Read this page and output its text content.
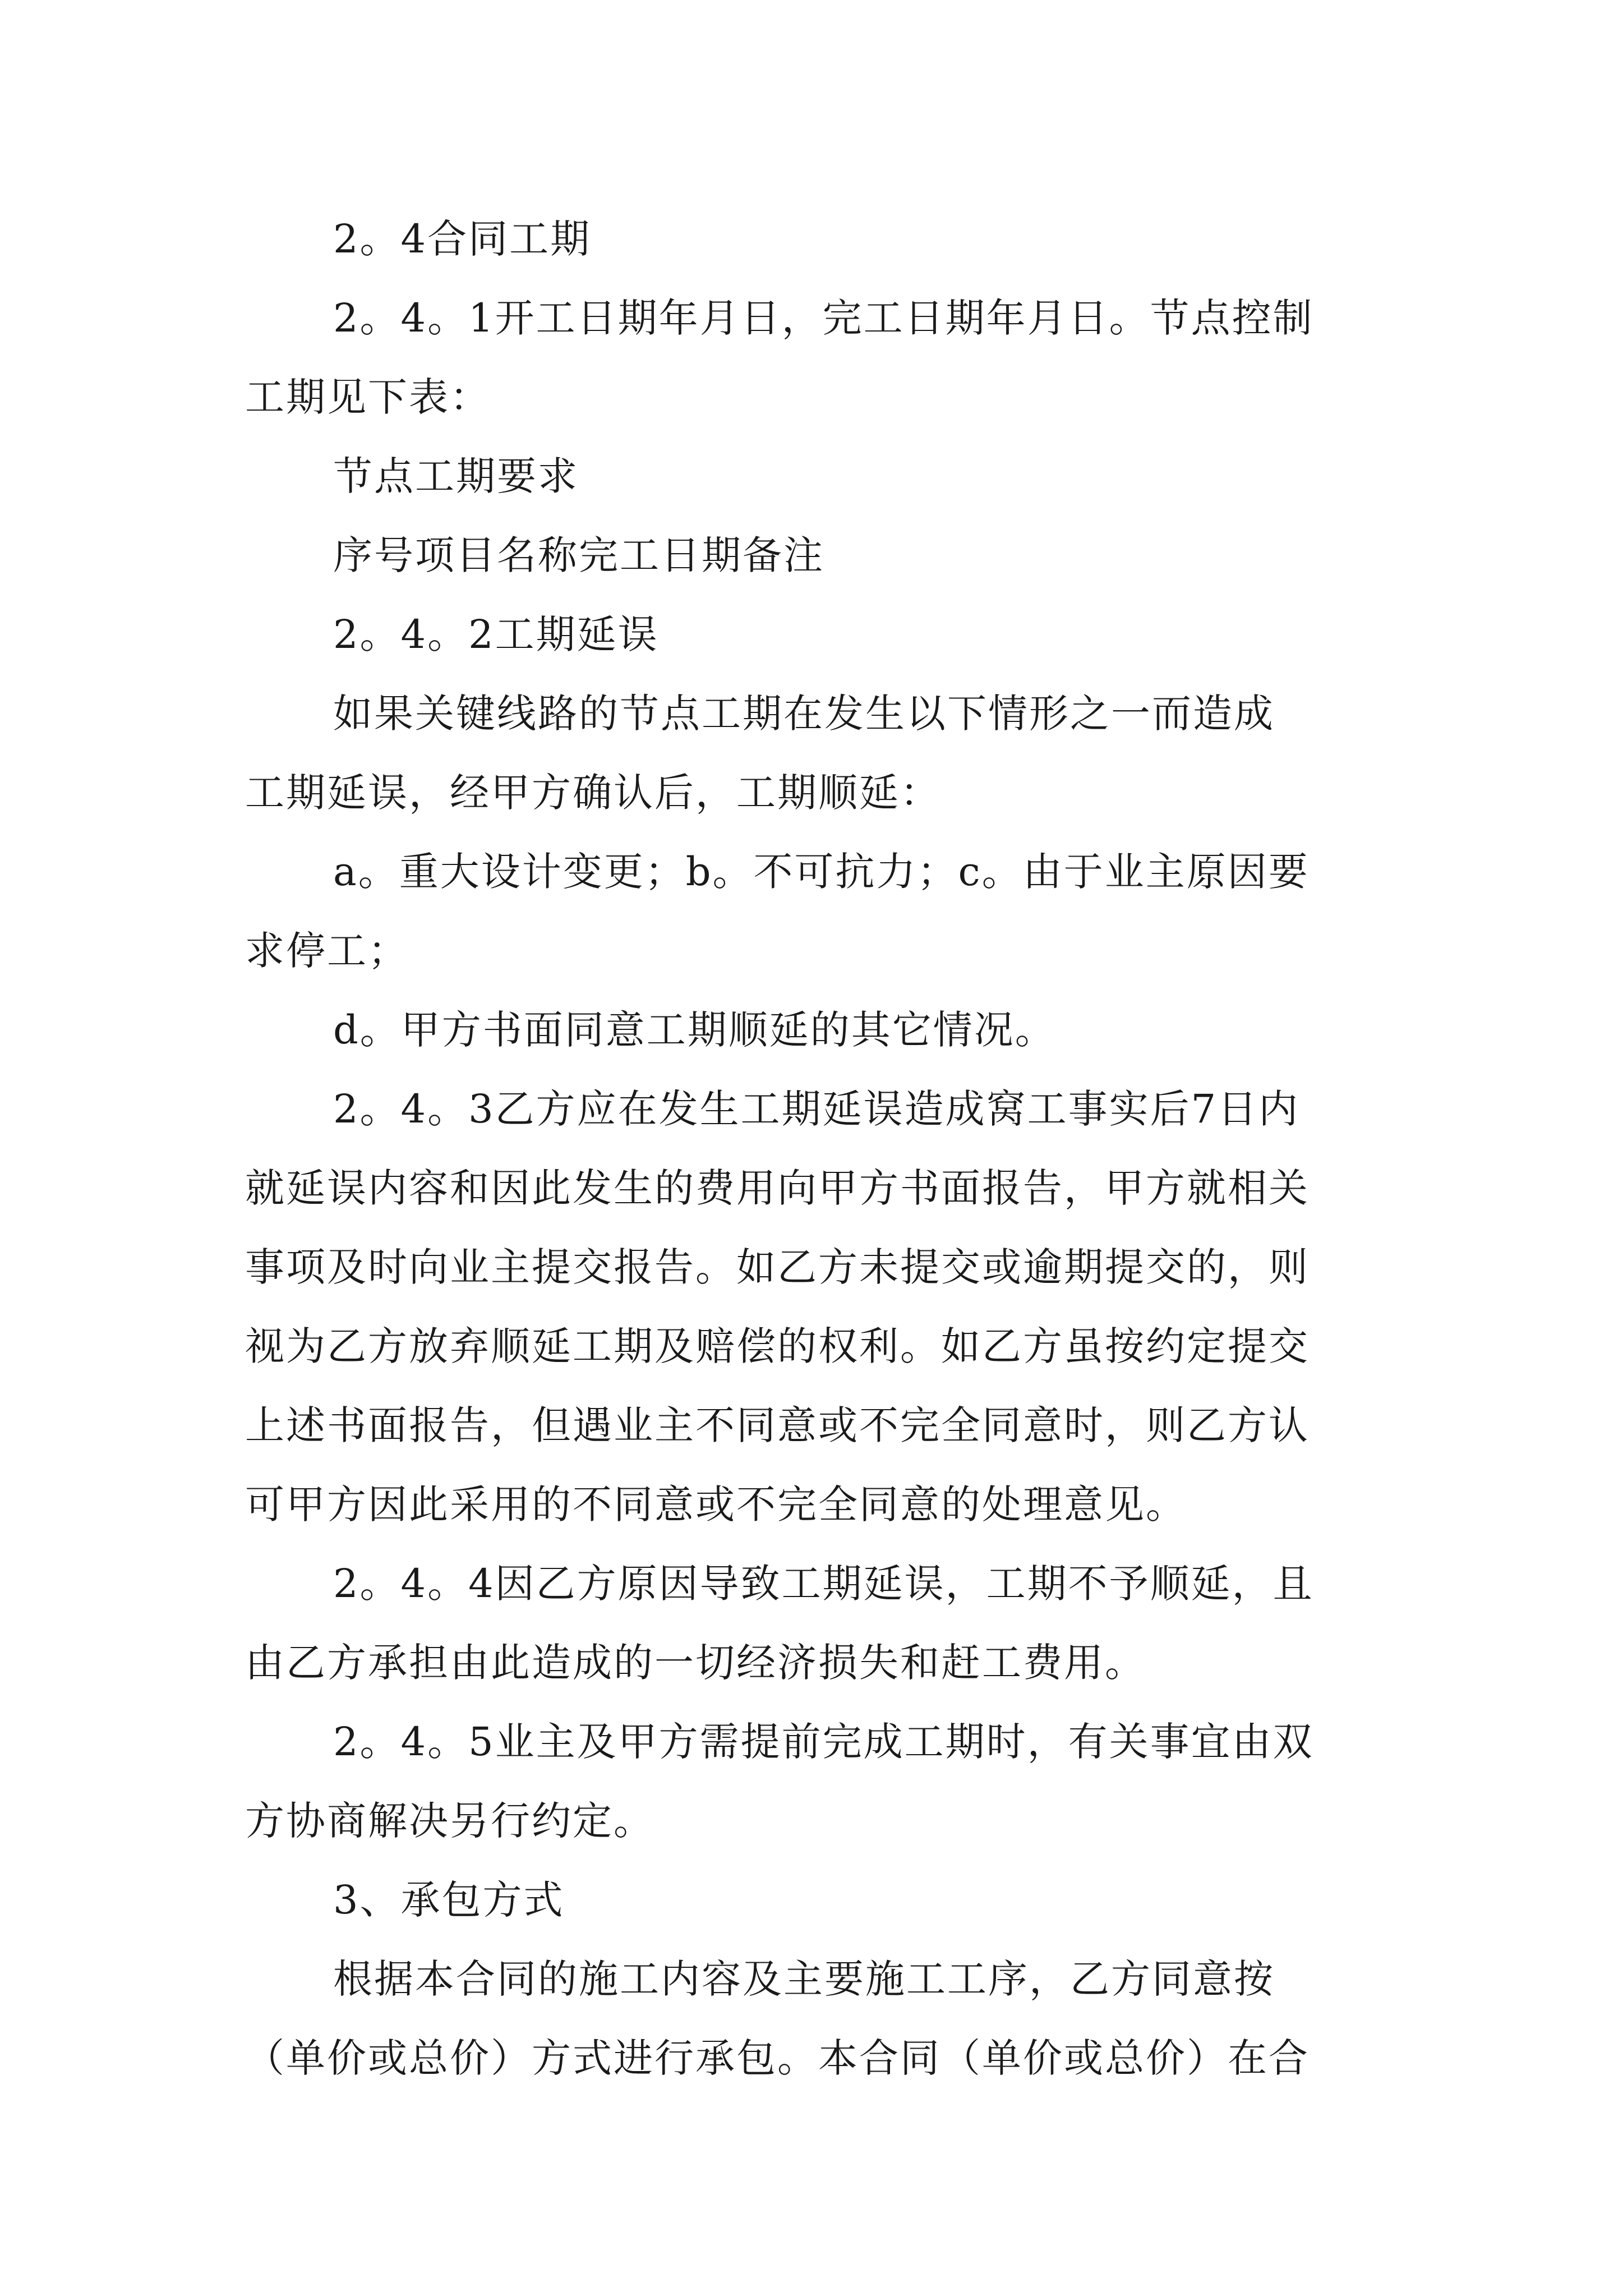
2。4合同工期
2。4。1开工日期年月日，完工日期年月日。节点控制
工期见下表：
节点工期要求
序号项目名称完工日期备注
2。4。2工期延误
如果关键线路的节点工期在发生以下情形之一而造成
工期延误，经甲方确认后，工期顺延：
a。重大设计变更；b。不可抗力；c。由于业主原因要
求停工；
d。甲方书面同意工期顺延的其它情况。
2。4。3乙方应在发生工期延误造成窝工事实后7日内
就延误内容和因此发生的费用向甲方书面报告，甲方就相关
事项及时向业主提交报告。如乙方未提交或逾期提交的，则
视为乙方放弃顺延工期及赔偿的权利。如乙方虽按约定提交
上述书面报告，但遇业主不同意或不完全同意时，则乙方认
可甲方因此采用的不同意或不完全同意的处理意见。
2。4。4因乙方原因导致工期延误，工期不予顺延，且
由乙方承担由此造成的一切经济损失和赶工费用。
2。4。5业主及甲方需提前完成工期时，有关事宜由双
方协商解决另行约定。
3、承包方式
根据本合同的施工内容及主要施工工序，乙方同意按
（单价或总价）方式进行承包。本合同（单价或总价）在合
